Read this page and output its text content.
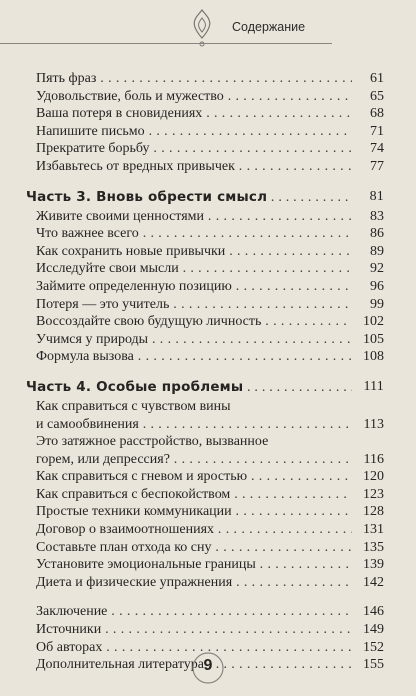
Содержание
Пять фраз . . .	61
Удовольствие, боль и мужество . . .	65
Ваша потеря в сновидениях . . .	68
Напишите письмо . . .	71
Прекратите борьбу . . .	74
Избавьтесь от вредных привычек . . .	77
Часть 3. Вновь обрести смысл . . .	81
Живите своими ценностями . . .	83
Что важнее всего . . .	86
Как сохранить новые привычки . . .	89
Исследуйте свои мысли . . .	92
Займите определенную позицию . . .	96
Потеря — это учитель . . .	99
Воссоздайте свою будущую личность . . .	102
Учимся у природы . . .	105
Формула вызова . . .	108
Часть 4. Особые проблемы . . .	111
Как справиться с чувством вины
и самообвинения . . .	113
Это затяжное расстройство, вызванное
горем, или депрессия? . . .	116
Как справиться с гневом и яростью . . .	120
Как справиться с беспокойством . . .	123
Простые техники коммуникации . . .	128
Договор о взаимоотношениях . . .	131
Составьте план отхода ко сну . . .	135
Установите эмоциональные границы . . .	139
Диета и физические упражнения . . .	142
Заключение . . .	146
Источники . . .	149
Об авторах . . .	152
Дополнительная литература . . .	155
9
